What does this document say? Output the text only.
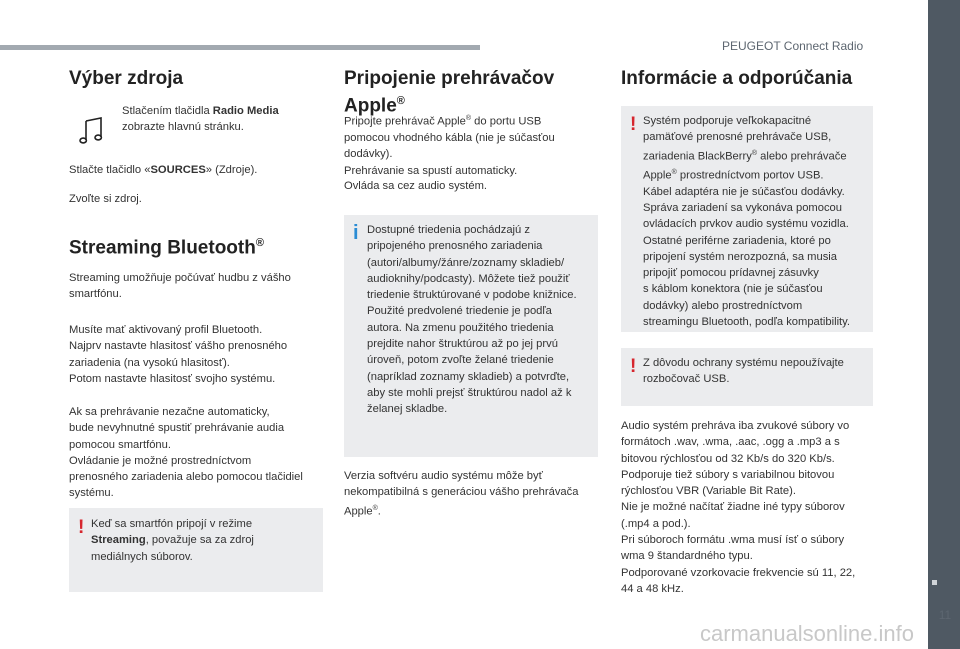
PEUGEOT Connect Radio
11
carmanualsonline.info
Výber zdroja

Stlačením tlačidla Radio Media
zobrazte hlavnú stránku.

Stlačte tlačidlo «SOURCES» (Zdroje).

Zvoľte si zdroj.

Streaming Bluetooth®

Streaming umožňuje počúvať hudbu z vášho
smartfónu.

Musíte mať aktivovaný profil Bluetooth.
Najprv nastavte hlasitosť vášho prenosného
zariadenia (na vysokú hlasitosť).
Potom nastavte hlasitosť svojho systému.

Ak sa prehrávanie nezačne automaticky,
bude nevyhnutné spustiť prehrávanie audia
pomocou smartfónu.
Ovládanie je možné prostredníctvom
prenosného zariadenia alebo pomocou tlačidiel
systému.

! Keď sa smartfón pripojí v režime
Streaming, považuje sa za zdroj
mediálnych súborov.

Pripojenie prehrávačov
Apple®

Pripojte prehrávač Apple® do portu USB
pomocou vhodného kábla (nie je súčasťou
dodávky).
Prehrávanie sa spustí automaticky.

Ovláda sa cez audio systém.

i Dostupné triedenia pochádzajú z
pripojeného prenosného zariadenia
(autori/albumy/žánre/zoznamy skladieb/
audioknihy/podcasty). Môžete tiež použiť
triedenie štruktúrované v podobe knižnice.
Použité predvolené triedenie je podľa
autora. Na zmenu použitého triedenia
prejdite nahor štruktúrou až po jej prvú
úroveň, potom zvoľte želané triedenie
(napríklad zoznamy skladieb) a potvrďte,
aby ste mohli prejsť štruktúrou nadol až k
želanej skladbe.

Verzia softvéru audio systému môže byť
nekompatibilná s generáciou vášho prehrávača
Apple®.

Informácie a odporúčania
! Systém podporuje veľkokapacitné
pamäťové prenosné prehrávače USB,
zariadenia BlackBerry® alebo prehrávače
Apple® prostredníctvom portov USB.
Kábel adaptéra nie je súčasťou dodávky.
Správa zariadení sa vykonáva pomocou
ovládacích prvkov audio systému vozidla.
Ostatné periférne zariadenia, ktoré po
pripojení systém nerozpozná, sa musia
pripojiť pomocou prídavnej zásuvky
s káblom konektora (nie je súčasťou
dodávky) alebo prostredníctvom
streamingu Bluetooth, podľa kompatibility.

! Z dôvodu ochrany systému nepoužívajte
rozbočovač USB.

Audio systém prehráva iba zvukové súbory vo
formátoch .wav, .wma, .aac, .ogg a .mp3 a s
bitovou rýchlosťou od 32 Kb/s do 320 Kb/s.
Podporuje tiež súbory s variabilnou bitovou
rýchlosťou VBR (Variable Bit Rate).
Nie je možné načítať žiadne iné typy súborov
(.mp4 a pod.).
Pri súboroch formátu .wma musí ísť o súbory
wma 9 štandardného typu.
Podporované vzorkovacie frekvencie sú 11, 22,
44 a 48 kHz.
